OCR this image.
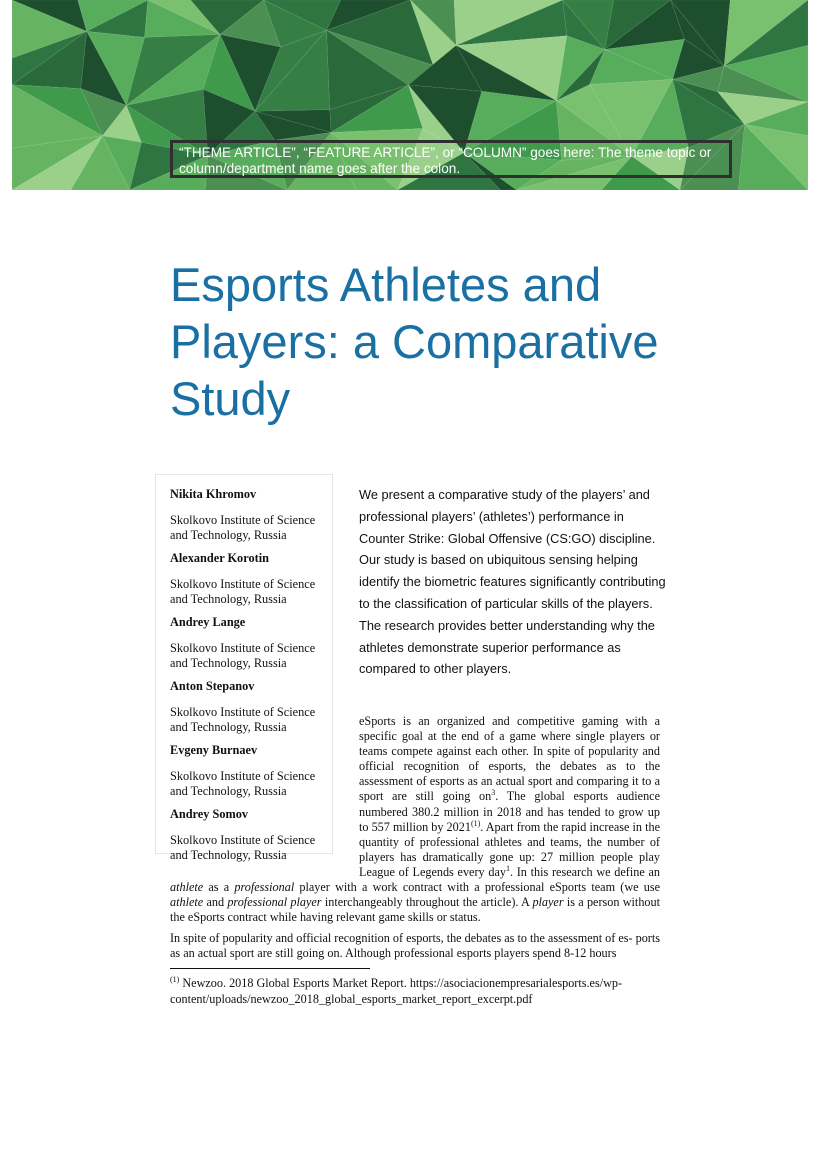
“THEME ARTICLE”, “FEATURE ARTICLE”, or “COLUMN” goes here: The theme topic or column/department name goes after the colon.
Esports Athletes and Players: a Comparative Study

Nikita Khromov

Skolkovo Institute of Science and Technology, Russia

Alexander Korotin

Skolkovo Institute of Science and Technology, Russia

Andrey Lange

Skolkovo Institute of Science and Technology, Russia

Anton Stepanov

Skolkovo Institute of Science and Technology, Russia

Evgeny Burnaev

Skolkovo Institute of Science and Technology, Russia

Andrey Somov

Skolkovo Institute of Science and Technology, Russia

We present a comparative study of the players’ and professional players’ (athletes’) performance in Counter Strike: Global Offensive (CS:GO) discipline. Our study is based on ubiquitous sensing helping identify the biometric features significantly contributing to the classification of particular skills of the players. The research provides better understanding why the athletes demonstrate superior performance as compared to other players.

eSports is an organized and competitive gaming with a specific goal at the end of a game where single players or teams compete against each other. In spite of popularity and official recognition of esports, the debates as to the assessment of esports as an actual sport and comparing it to a sport are still going $on^3$. The global esports audience numbered 380.2 million in 2018 and has tended to grow up to 557 million by 2021$^{(1)}$. Apart from the rapid increase in the quantity of professional athletes and teams, the number of players has dramatically gone up: 27 million people play League of Legends every day$^1$. In this research we define an athlete as a professional player with a work contract with a professional eSports team (we use athlete and professional player interchangeably throughout the article). A player is a person without the eSports contract while having relevant game skills or status.

In spite of popularity and official recognition of esports, the debates as to the assessment of es- ports as an actual sport are still going on. Although professional esports players spend 8-12 hours

$^{(1)}$ Newzoo. 2018 Global Esports Market Report. https://asociacionempresarialesports.es/wp- content/uploads/newzoo_2018_global_esports_market_report_excerpt.pdf
